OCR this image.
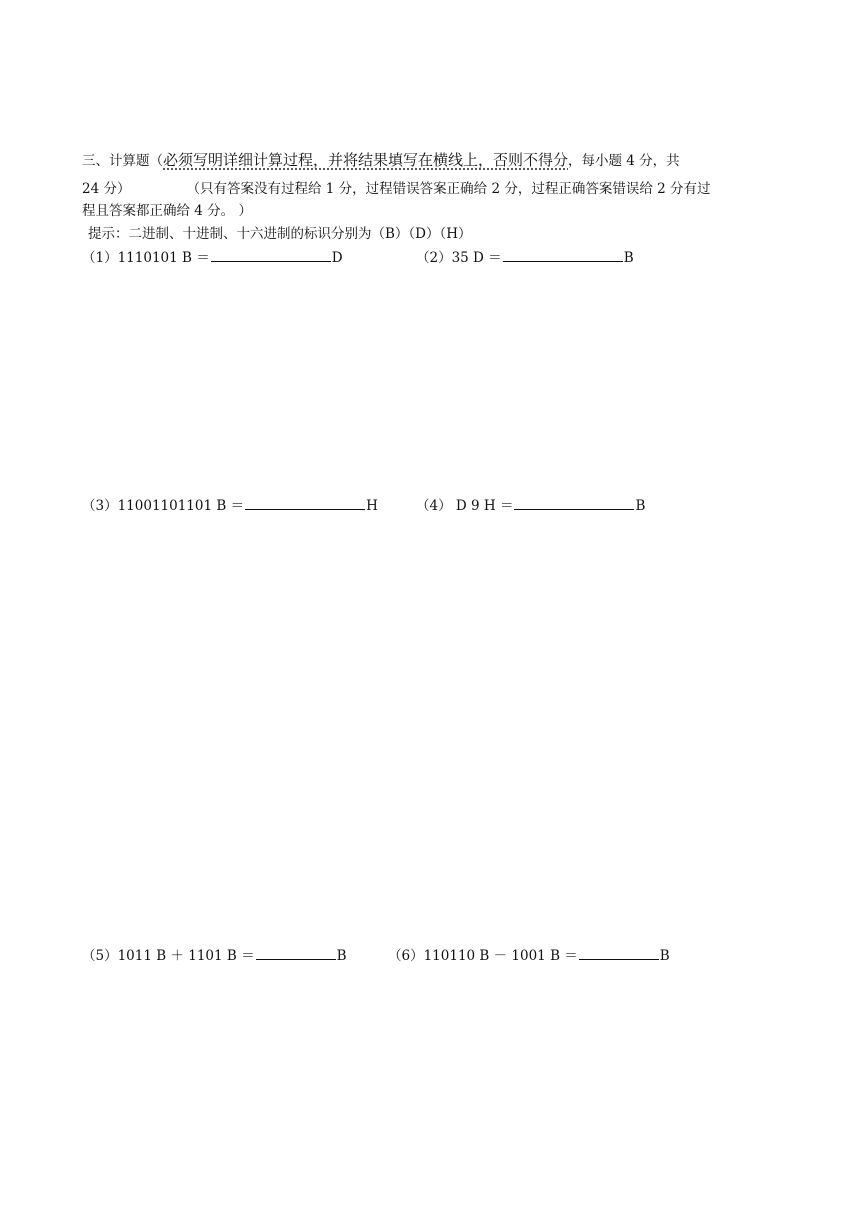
三、计算题（必须写明详细计算过程，并将结果填写在横线上，否则不得分，每小题 4 分，共
24 分）	（只有答案没有过程给 1 分，过程错误答案正确给 2 分，过程正确答案错误给 2 分有过
程且答案都正确给 4 分。 ）
提示：二进制、十进制、十六进制的标识分别为（B）（D）（H）
（1）1110101 B ＝	D	（2）35 D ＝	B
（3）11001101101 B ＝	H	（4） D 9 H ＝	B
（5）1011 B ＋ 1101 B ＝	B	（6）110110 B － 1001 B ＝	B
